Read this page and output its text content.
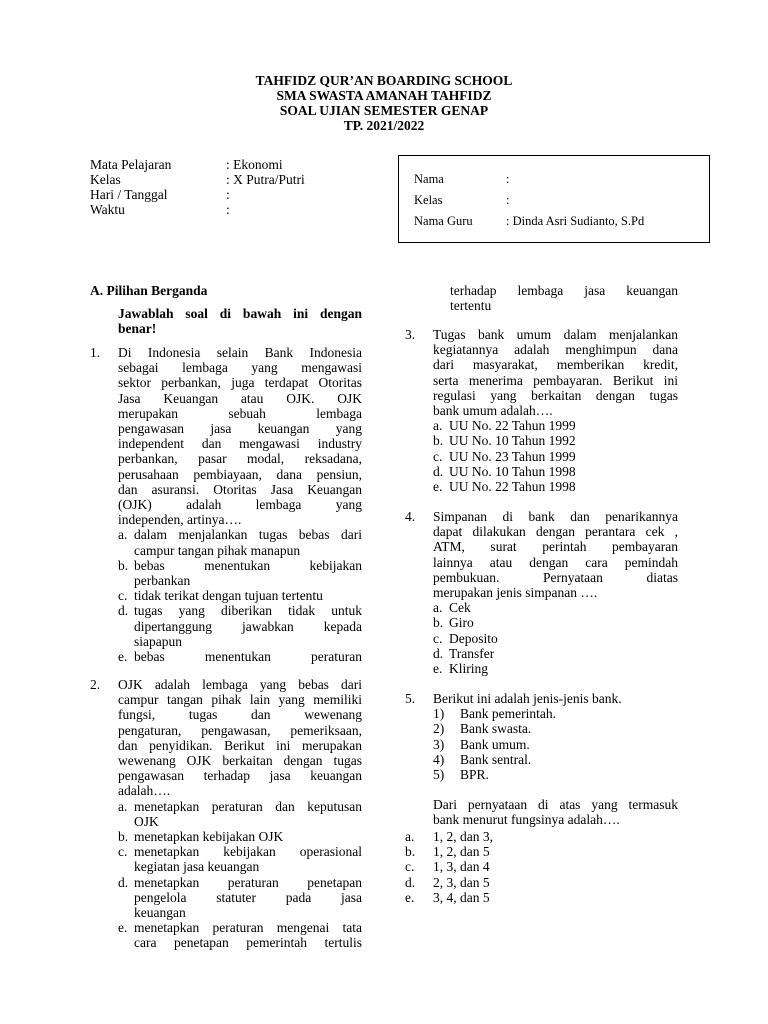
TAHFIDZ QUR’AN BOARDING SCHOOL
SMA SWASTA AMANAH TAHFIDZ
SOAL UJIAN SEMESTER GENAP
TP. 2021/2022
Mata Pelajaran	: Ekonomi
Kelas	: X Putra/Putri
Hari / Tanggal	:
Waktu	:
Nama	:
Kelas	:
Nama Guru	: Dinda Asri Sudianto, S.Pd

A. Pilihan Berganda

Jawablah soal di bawah ini dengan

benar!

1. Di Indonesia selain Bank Indonesia

sebagai lembaga yang mengawasi

sektor perbankan, juga terdapat Otoritas

Jasa Keuangan atau OJK. OJK

merupakan sebuah lembaga

pengawasan jasa keuangan yang

independent dan mengawasi industry

perbankan, pasar modal, reksadana,

perusahaan pembiayaan, dana pensiun,

dan asuransi. Otoritas Jasa Keuangan

(OJK) adalah lembaga yang

independen, artinya….

a. dalam menjalankan tugas bebas dari

campur tangan pihak manapun

b. bebas menentukan kebijakan

perbankan

c. tidak terikat dengan tujuan tertentu

d. tugas yang diberikan tidak untuk

dipertanggung jawabkan kepada

siapapun

e. bebas menentukan peraturan

2. OJK adalah lembaga yang bebas dari

campur tangan pihak lain yang memiliki

fungsi, tugas dan wewenang

pengaturan, pengawasan, pemeriksaan,

dan penyidikan. Berikut ini merupakan

wewenang OJK berkaitan dengan tugas

pengawasan terhadap jasa keuangan

adalah….

a. menetapkan peraturan dan keputusan

OJK

b. menetapkan kebijakan OJK

c. menetapkan kebijakan operasional

kegiatan jasa keuangan

d. menetapkan peraturan penetapan

pengelola statuter pada jasa

keuangan

e. menetapkan peraturan mengenai tata

cara penetapan pemerintah tertulis

terhadap lembaga jasa keuangan

tertentu

3. Tugas bank umum dalam menjalankan

kegiatannya adalah menghimpun dana

dari masyarakat, memberikan kredit,

serta menerima pembayaran. Berikut ini

regulasi yang berkaitan dengan tugas

bank umum adalah….

a. UU No. 22 Tahun 1999
b. UU No. 10 Tahun 1992
c. UU No. 23 Tahun 1999
d. UU No. 10 Tahun 1998
e. UU No. 22 Tahun 1998
4. Simpanan di bank dan penarikannya

dapat dilakukan dengan perantara cek ,

ATM, surat perintah pembayaran

lainnya atau dengan cara pemindah

pembukuan. Pernyataan diatas

merupakan jenis simpanan ….

a. Cek
b. Giro
c. Deposito
d. Transfer
e. Kliring
5. Berikut ini adalah jenis-jenis bank.

1)	Bank pemerintah.
2)	Bank swasta.
3)	Bank umum.
4)	Bank sentral.
5)	BPR.

Dari pernyataan di atas yang termasuk

bank menurut fungsinya adalah….

a.	1, 2, dan 3,
b.	1, 2, dan 5
c.	1, 3, dan 4
d.	2, 3, dan 5
e.	3, 4, dan 5
